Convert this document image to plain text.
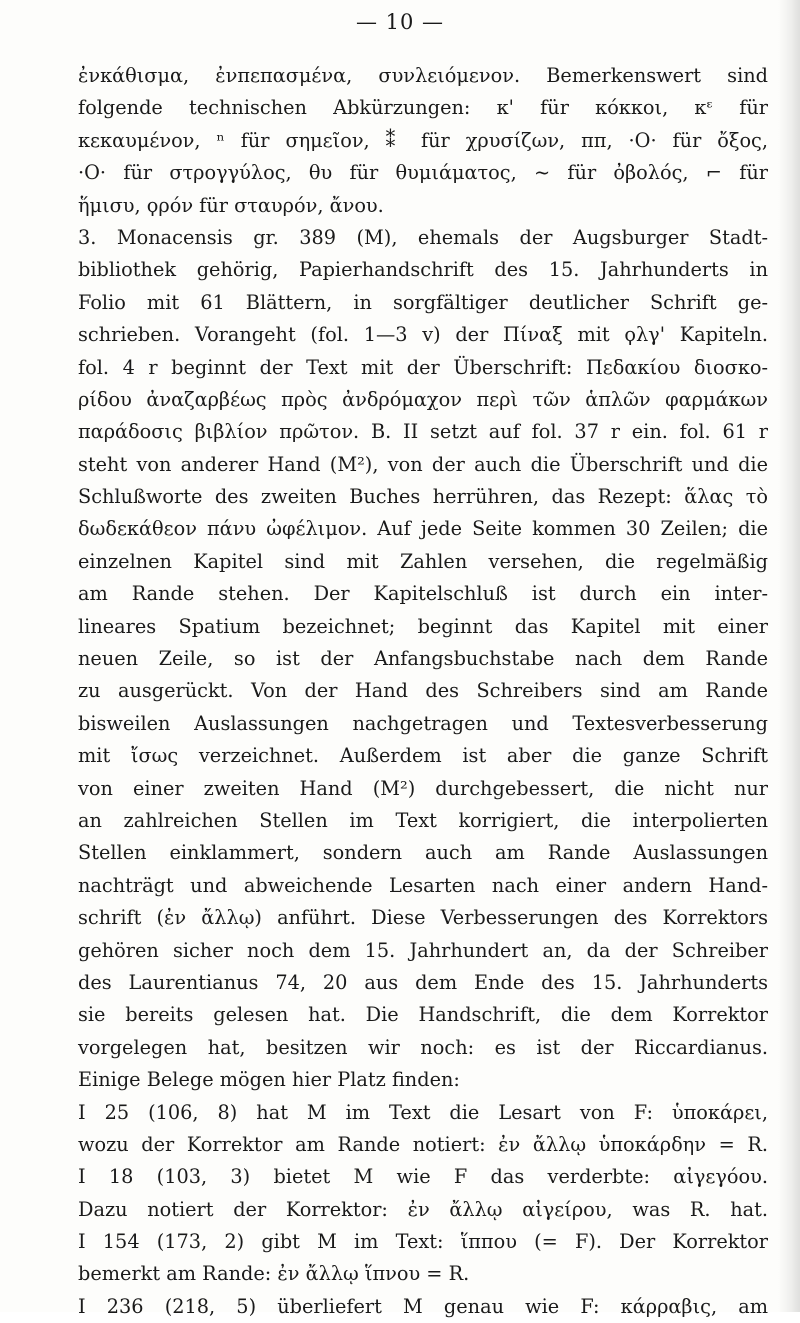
— 10 —
ἐνκάθισμα, ἐνπεπασμένα, συνλειόμενον. Bemerkenswert sind
folgende technischen Abkürzungen: κ' für κόκκοι, κᵋ für
κεκαυμένον, ⁿ für σημεῖον, ⁑ für χρυσίζων, ππ, ·Ο· für ὄξος,
·Ο· für στρογγύλος, θυ für θυμιάματος, ~ für ὀβολός, ⌐ für
ἥμισυ, ϙρόν für σταυρόν, ἄνου.
3. Monacensis gr. 389 (M), ehemals der Augsburger Stadt-
bibliothek gehörig, Papierhandschrift des 15. Jahrhunderts in
Folio mit 61 Blättern, in sorgfältiger deutlicher Schrift ge-
schrieben. Vorangeht (fol. 1—3 v) der Πίναξ mit ϙλγ' Kapiteln.
fol. 4 r beginnt der Text mit der Überschrift: Πεδακίου διοσκο-
ρίδου ἀναζαρβέως πρὸς ἀνδρόμαχον περὶ τῶν ἁπλῶν φαρμάκων
παράδοσις βιβλίον πρῶτον. B. II setzt auf fol. 37 r ein. fol. 61 r
steht von anderer Hand (M²), von der auch die Überschrift und die
Schlußworte des zweiten Buches herrühren, das Rezept: ἅλας τὸ
δωδεκάθεον πάνυ ὠφέλιμον. Auf jede Seite kommen 30 Zeilen; die
einzelnen Kapitel sind mit Zahlen versehen, die regelmäßig
am Rande stehen. Der Kapitelschluß ist durch ein inter-
lineares Spatium bezeichnet; beginnt das Kapitel mit einer
neuen Zeile, so ist der Anfangsbuchstabe nach dem Rande
zu ausgerückt. Von der Hand des Schreibers sind am Rande
bisweilen Auslassungen nachgetragen und Textesverbesserung
mit ἴσως verzeichnet. Außerdem ist aber die ganze Schrift
von einer zweiten Hand (M²) durchgebessert, die nicht nur
an zahlreichen Stellen im Text korrigiert, die interpolierten
Stellen einklammert, sondern auch am Rande Auslassungen
nachträgt und abweichende Lesarten nach einer andern Hand-
schrift (ἐν ἄλλῳ) anführt. Diese Verbesserungen des Korrektors
gehören sicher noch dem 15. Jahrhundert an, da der Schreiber
des Laurentianus 74, 20 aus dem Ende des 15. Jahrhunderts
sie bereits gelesen hat. Die Handschrift, die dem Korrektor
vorgelegen hat, besitzen wir noch: es ist der Riccardianus.
Einige Belege mögen hier Platz finden:
I 25 (106, 8) hat M im Text die Lesart von F: ὑποκάρει,
wozu der Korrektor am Rande notiert: ἐν ἄλλῳ ὑποκάρδην = R.
I 18 (103, 3) bietet M wie F das verderbte: αἰγεγόου.
Dazu notiert der Korrektor: ἐν ἄλλῳ αἰγείρου, was R. hat.
I 154 (173, 2) gibt M im Text: ἵππου (= F). Der Korrektor
bemerkt am Rande: ἐν ἄλλῳ ἵπνου = R.
I 236 (218, 5) überliefert M genau wie F: κάρραβις, am
